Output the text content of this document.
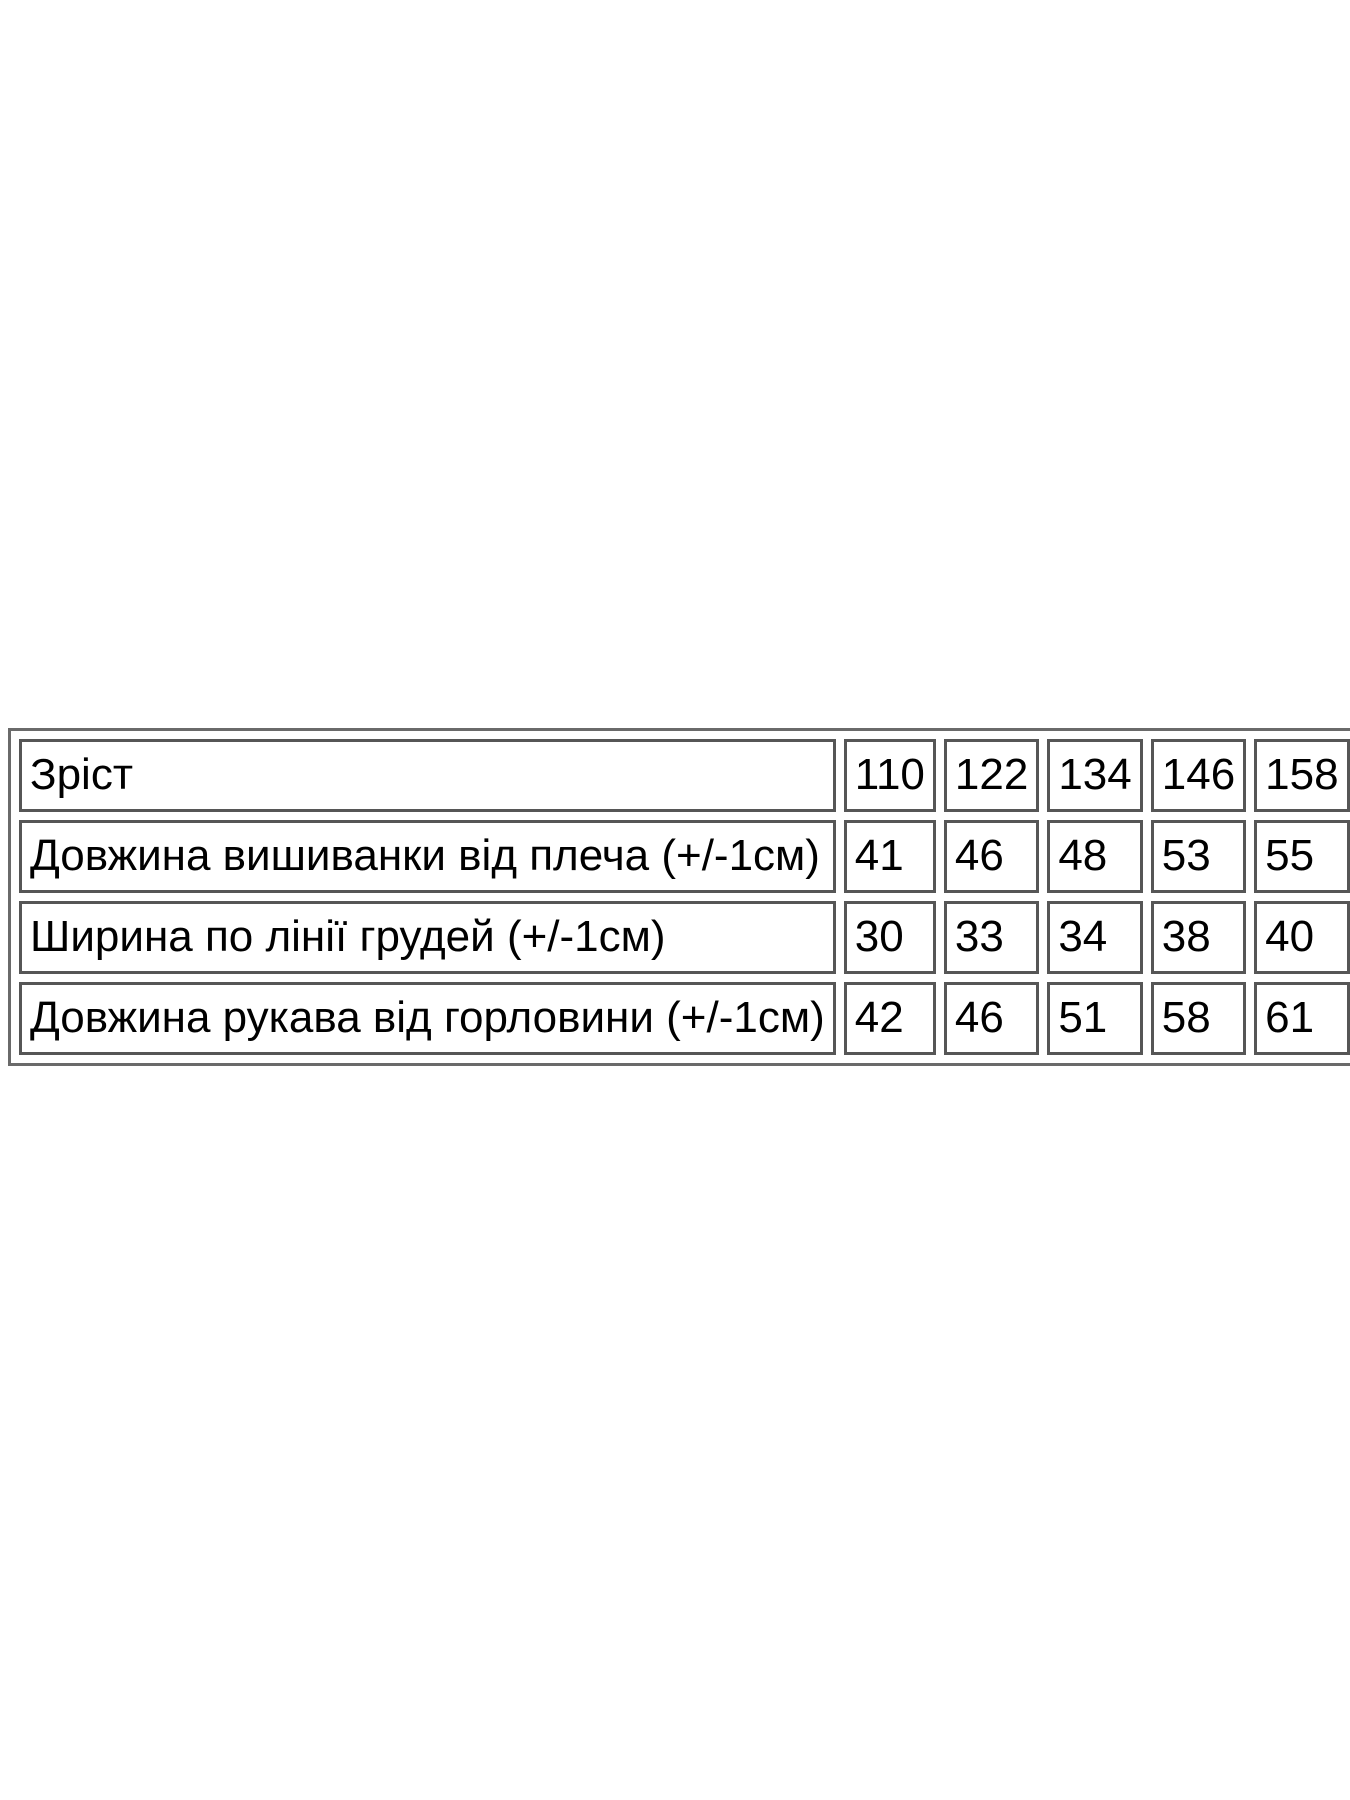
Зріст	110	122	134	146	158
Довжина вишиванки від плеча (+/-1см)	41	46	48	53	55
Ширина по лінії грудей (+/-1см)	30	33	34	38	40
Довжина рукава від горловини (+/-1см)	42	46	51	58	61
